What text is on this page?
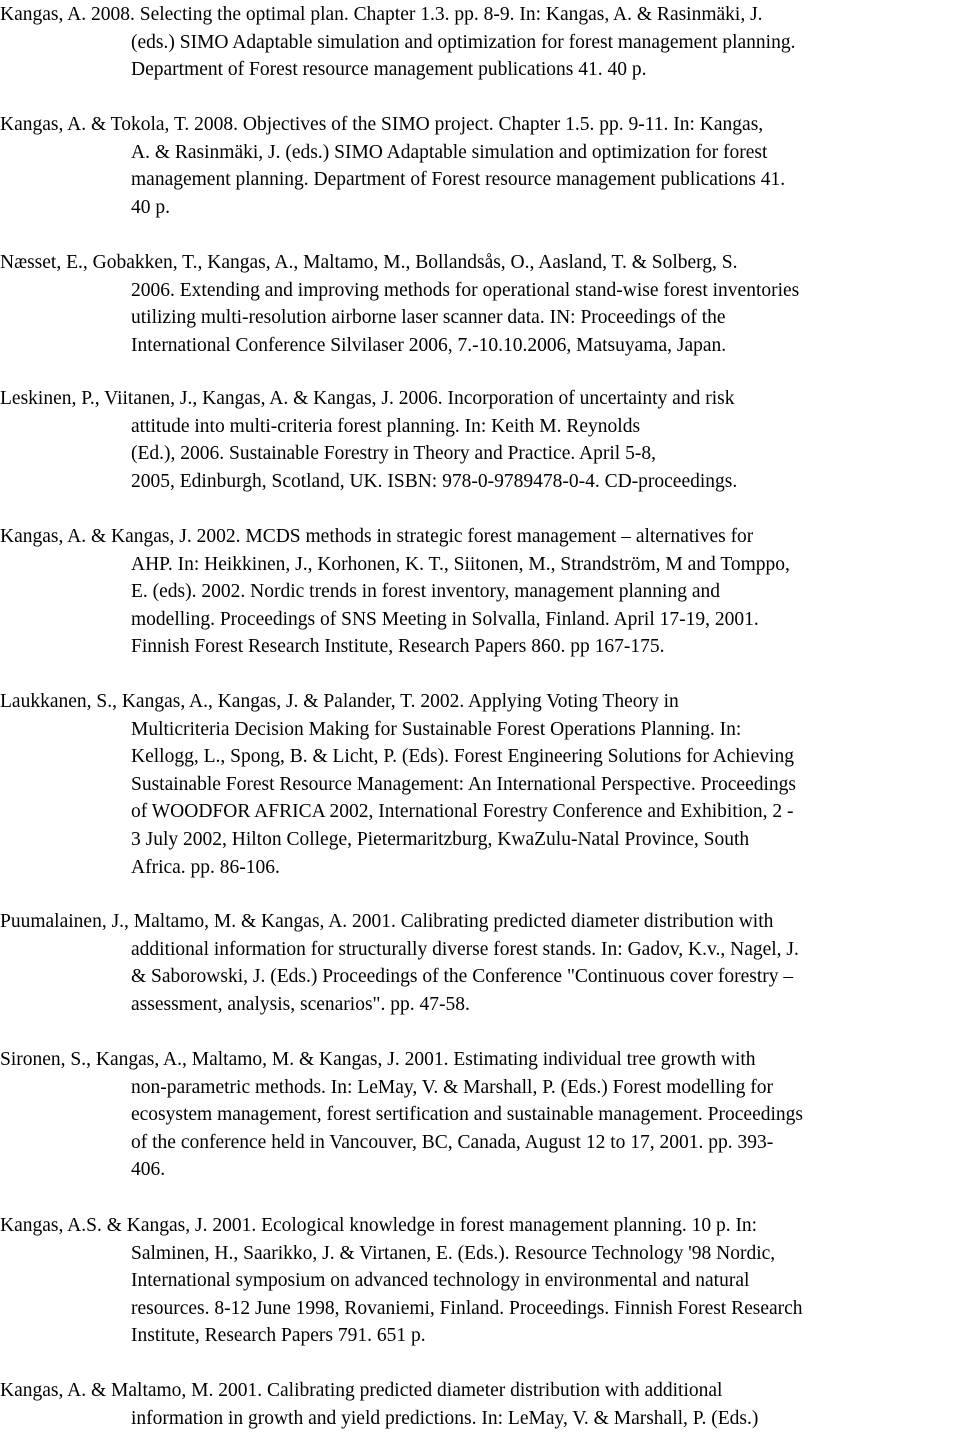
Kangas, A. 2008. Selecting the optimal plan. Chapter 1.3. pp. 8-9. In: Kangas, A. & Rasinmäki, J.
(eds.) SIMO Adaptable simulation and optimization for forest management planning.
Department of Forest resource management publications 41. 40 p.
Kangas, A. & Tokola, T. 2008. Objectives of the SIMO project. Chapter 1.5. pp. 9-11. In: Kangas,
A. & Rasinmäki, J. (eds.) SIMO Adaptable simulation and optimization for forest
management planning. Department of Forest resource management publications 41.
40 p.
Næsset, E., Gobakken, T., Kangas, A., Maltamo, M., Bollandsås, O., Aasland, T. & Solberg, S.
2006. Extending and improving methods for operational stand-wise forest inventories
utilizing multi-resolution airborne laser scanner data. IN: Proceedings of the
International Conference Silvilaser 2006, 7.-10.10.2006, Matsuyama, Japan.
Leskinen, P., Viitanen, J., Kangas, A. & Kangas, J. 2006. Incorporation of uncertainty and risk
attitude into multi-criteria forest planning. In: Keith M. Reynolds
(Ed.), 2006. Sustainable Forestry in Theory and Practice. April 5-8,
2005, Edinburgh, Scotland, UK. ISBN: 978-0-9789478-0-4. CD-proceedings.
Kangas, A. & Kangas, J. 2002. MCDS methods in strategic forest management – alternatives for
AHP. In: Heikkinen, J., Korhonen, K. T., Siitonen, M., Strandström, M and Tomppo,
E. (eds). 2002. Nordic trends in forest inventory, management planning and
modelling. Proceedings of SNS Meeting in Solvalla, Finland. April 17-19, 2001.
Finnish Forest Research Institute, Research Papers 860. pp 167-175.
Laukkanen, S., Kangas, A., Kangas, J. & Palander, T. 2002. Applying Voting Theory in
Multicriteria Decision Making for Sustainable Forest Operations Planning. In:
Kellogg, L., Spong, B. & Licht, P. (Eds). Forest Engineering Solutions for Achieving
Sustainable Forest Resource Management: An International Perspective. Proceedings
of WOODFOR AFRICA 2002, International Forestry Conference and Exhibition, 2 -
3 July 2002, Hilton College, Pietermaritzburg, KwaZulu-Natal Province, South
Africa. pp. 86-106.
Puumalainen, J., Maltamo, M. & Kangas, A. 2001. Calibrating predicted diameter distribution with
additional information for structurally diverse forest stands. In: Gadov, K.v., Nagel, J.
& Saborowski, J. (Eds.) Proceedings of the Conference "Continuous cover forestry –
assessment, analysis, scenarios". pp. 47-58.
Sironen, S., Kangas, A., Maltamo, M. & Kangas, J. 2001. Estimating individual tree growth with
non-parametric methods. In: LeMay, V. & Marshall, P. (Eds.) Forest modelling for
ecosystem management, forest sertification and sustainable management. Proceedings
of the conference held in Vancouver, BC, Canada, August 12 to 17, 2001. pp. 393-
406.
Kangas, A.S. & Kangas, J. 2001. Ecological knowledge in forest management planning. 10 p. In:
Salminen, H., Saarikko, J. & Virtanen, E. (Eds.). Resource Technology '98 Nordic,
International symposium on advanced technology in environmental and natural
resources. 8-12 June 1998, Rovaniemi, Finland. Proceedings. Finnish Forest Research
Institute, Research Papers 791. 651 p.
Kangas, A. & Maltamo, M. 2001. Calibrating predicted diameter distribution with additional
information in growth and yield predictions. In: LeMay, V. & Marshall, P. (Eds.)
